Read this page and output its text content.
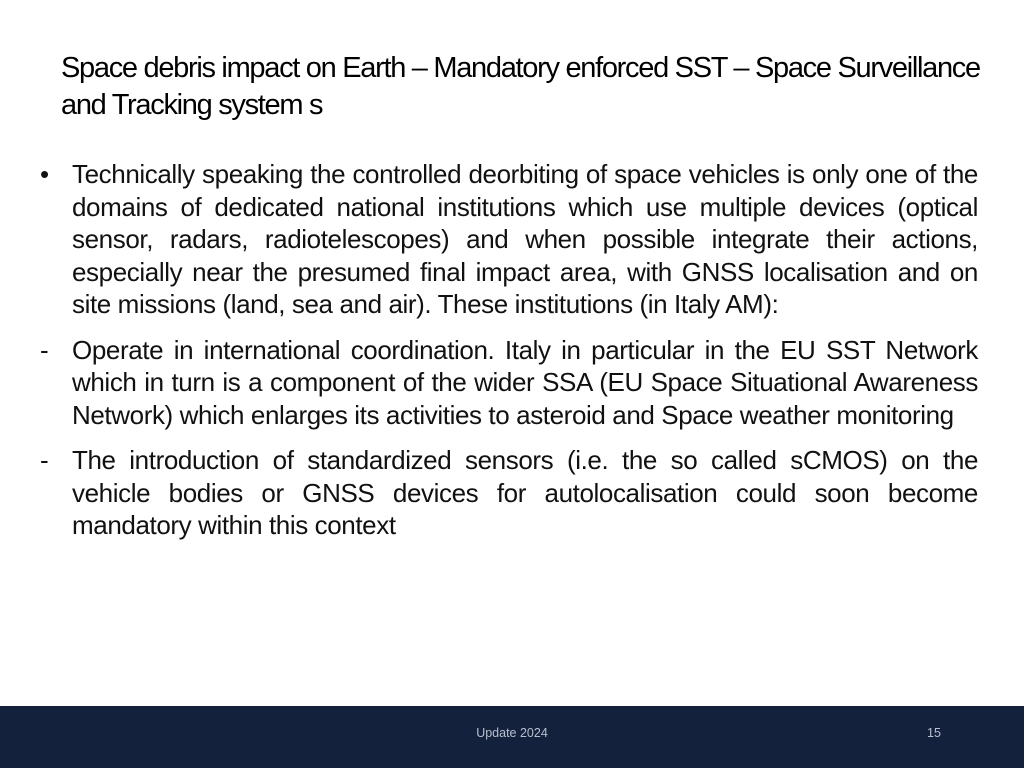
Space debris impact on Earth – Mandatory enforced SST – Space Surveillance and Tracking system s
• Technically speaking the controlled deorbiting of space vehicles is only one of the domains of dedicated national institutions which use multiple devices (optical sensor, radars, radiotelescopes) and when possible integrate their actions, especially near the presumed final impact area, with GNSS localisation and on site missions (land, sea and air). These institutions (in Italy AM):
- Operate in international coordination. Italy in particular in the EU SST Network which in turn is a component of the wider SSA (EU Space Situational Awareness Network) which enlarges its activities to asteroid and Space weather monitoring
- The introduction of standardized sensors (i.e. the so called sCMOS) on the vehicle bodies or GNSS devices for autolocalisation could soon become mandatory within this context
Update 2024	15
